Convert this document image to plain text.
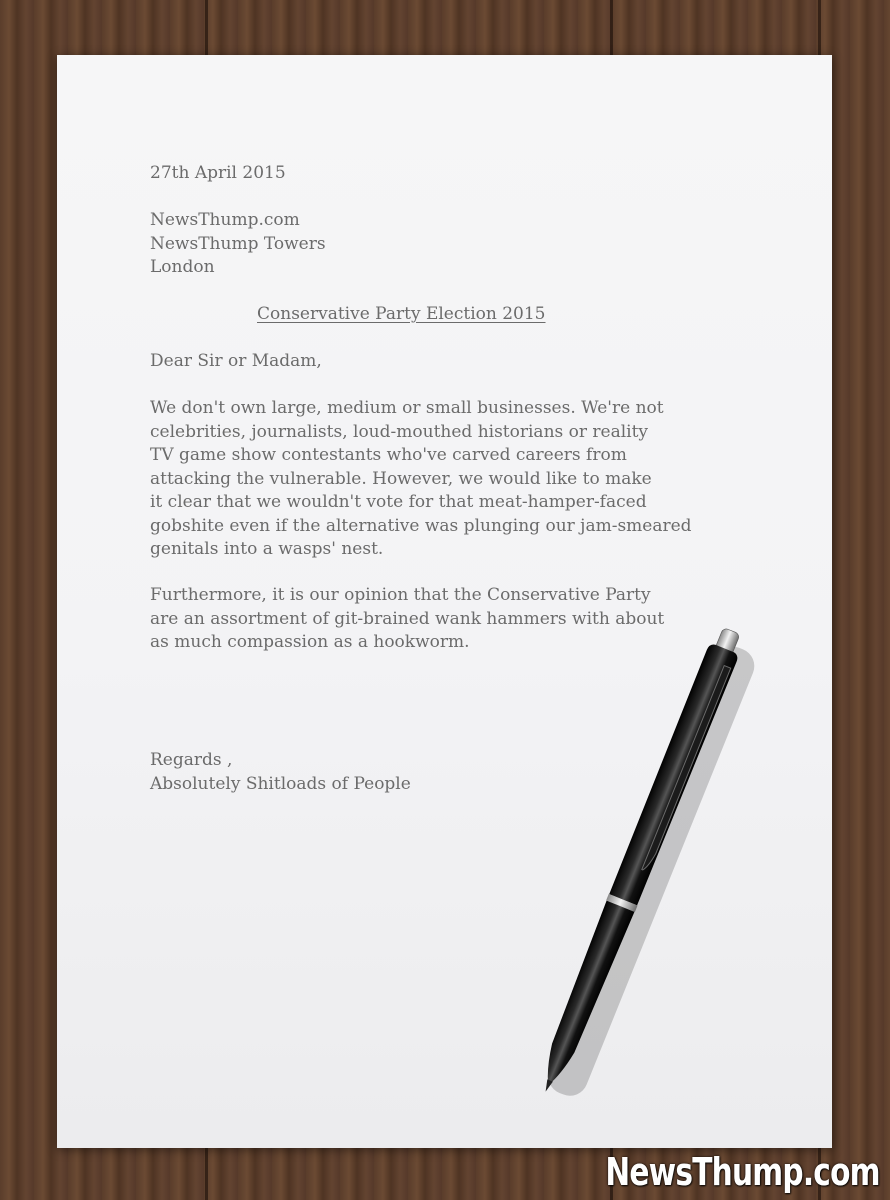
27th April 2015
NewsThump.com
NewsThump Towers
London
Conservative Party Election 2015
Dear Sir or Madam,
We don't own large, medium or small businesses. We're not
celebrities, journalists, loud-mouthed historians or reality
TV game show contestants who've carved careers from
attacking the vulnerable. However, we would like to make
it clear that we wouldn't vote for that meat-hamper-faced
gobshite even if the alternative was plunging our jam-smeared
genitals into a wasps' nest.
Furthermore, it is our opinion that the Conservative Party
are an assortment of git-brained wank hammers with about
as much compassion as a hookworm.
Regards ,
Absolutely Shitloads of People
NewsThump.com
